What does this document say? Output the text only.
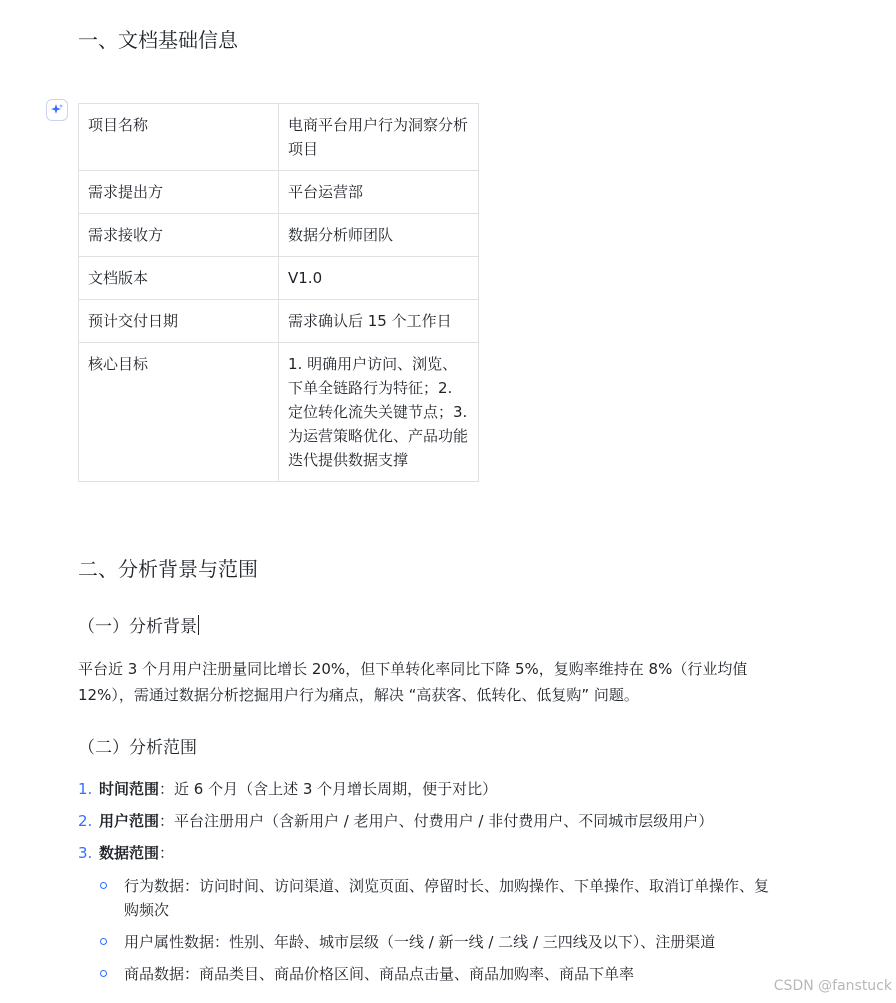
一、文档基础信息
项目名称	电商平台用户行为洞察分析项目
需求提出方	平台运营部
需求接收方	数据分析师团队
文档版本	V1.0
预计交付日期	需求确认后 15 个工作日
核心目标	1. 明确用户访问、浏览、下单全链路行为特征；2. 定位转化流失关键节点；3. 为运营策略优化、产品功能迭代提供数据支撑
二、分析背景与范围
（一）分析背景
平台近 3 个月用户注册量同比增长 20%，但下单转化率同比下降 5%，复购率维持在 8%（行业均值 12%），需通过数据分析挖掘用户行为痛点，解决 “高获客、低转化、低复购” 问题。
（二）分析范围
1. 时间范围：近 6 个月（含上述 3 个月增长周期，便于对比）
2. 用户范围：平台注册用户（含新用户 / 老用户、付费用户 / 非付费用户、不同城市层级用户）
3. 数据范围：
行为数据：访问时间、访问渠道、浏览页面、停留时长、加购操作、下单操作、取消订单操作、复购频次
用户属性数据：性别、年龄、城市层级（一线 / 新一线 / 二线 / 三四线及以下）、注册渠道
商品数据：商品类目、商品价格区间、商品点击量、商品加购率、商品下单率
CSDN @fanstuck
